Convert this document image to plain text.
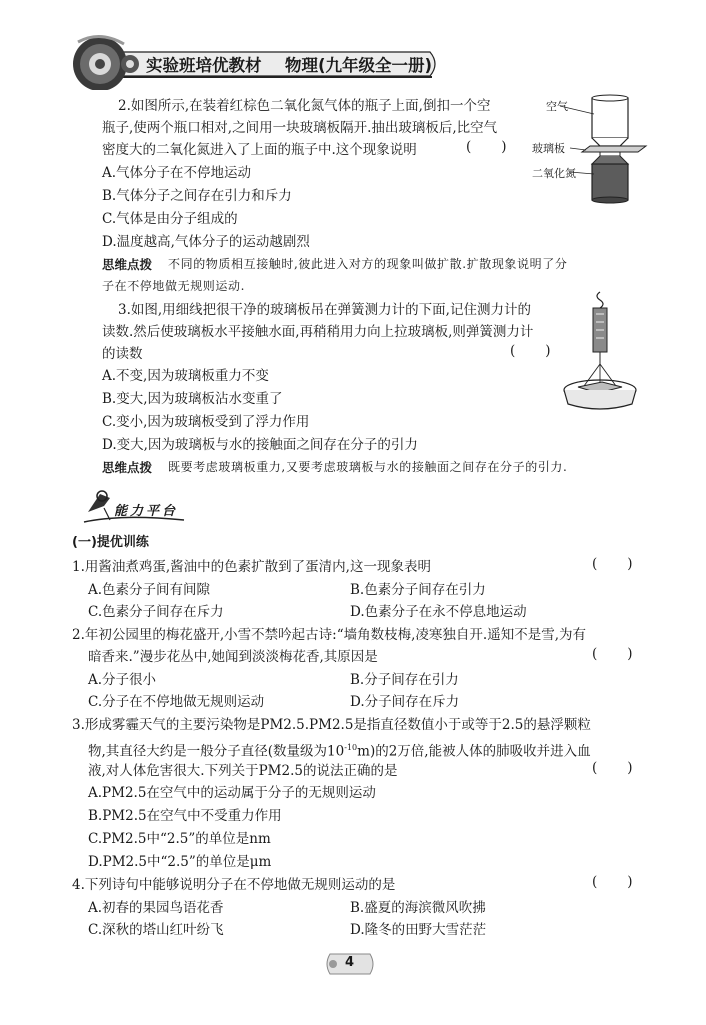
实验班培优教材 物理(九年级全一册)
2.如图所示,在装着红棕色二氧化氮气体的瓶子上面,倒扣一个空
瓶子,使两个瓶口相对,之间用一块玻璃板隔开.抽出玻璃板后,比空气
密度大的二氧化氮进入了上面的瓶子中.这个现象说明	(       )
A.气体分子在不停地运动
B.气体分子之间存在引力和斥力
C.气体是由分子组成的
D.温度越高,气体分子的运动越剧烈
思维点拨 不同的物质相互接触时,彼此进入对方的现象叫做扩散.扩散现象说明了分
子在不停地做无规则运动.
空气
玻璃板
二氧化氮
3.如图,用细线把很干净的玻璃板吊在弹簧测力计的下面,记住测力计的
读数.然后使玻璃板水平接触水面,再稍稍用力向上拉玻璃板,则弹簧测力计
的读数	(       )
A.不变,因为玻璃板重力不变
B.变大,因为玻璃板沾水变重了
C.变小,因为玻璃板受到了浮力作用
D.变大,因为玻璃板与水的接触面之间存在分子的引力
思维点拨 既要考虑玻璃板重力,又要考虑玻璃板与水的接触面之间存在分子的引力.
能力平台
(一)提优训练
1.用酱油煮鸡蛋,酱油中的色素扩散到了蛋清内,这一现象表明	(       )
A.色素分子间有间隙	B.色素分子间存在引力
C.色素分子间存在斥力	D.色素分子在永不停息地运动
2.年初公园里的梅花盛开,小雪不禁吟起古诗:“墙角数枝梅,凌寒独自开.遥知不是雪,为有
暗香来.”漫步花丛中,她闻到淡淡梅花香,其原因是	(       )
A.分子很小	B.分子间存在引力
C.分子在不停地做无规则运动	D.分子间存在斥力
3.形成雾霾天气的主要污染物是PM2.5.PM2.5是指直径数值小于或等于2.5的悬浮颗粒
物,其直径大约是一般分子直径(数量级为$10^{-10}m$)的2万倍,能被人体的肺吸收并进入血
液,对人体危害很大.下列关于PM2.5的说法正确的是	(       )
A.PM2.5在空气中的运动属于分子的无规则运动
B.PM2.5在空气中不受重力作用
C.PM2.5中“2.5”的单位是nm
D.PM2.5中“2.5”的单位是μm
4.下列诗句中能够说明分子在不停地做无规则运动的是	(       )
A.初春的果园鸟语花香	B.盛夏的海滨微风吹拂
C.深秋的塔山红叶纷飞	D.隆冬的田野大雪茫茫
4
